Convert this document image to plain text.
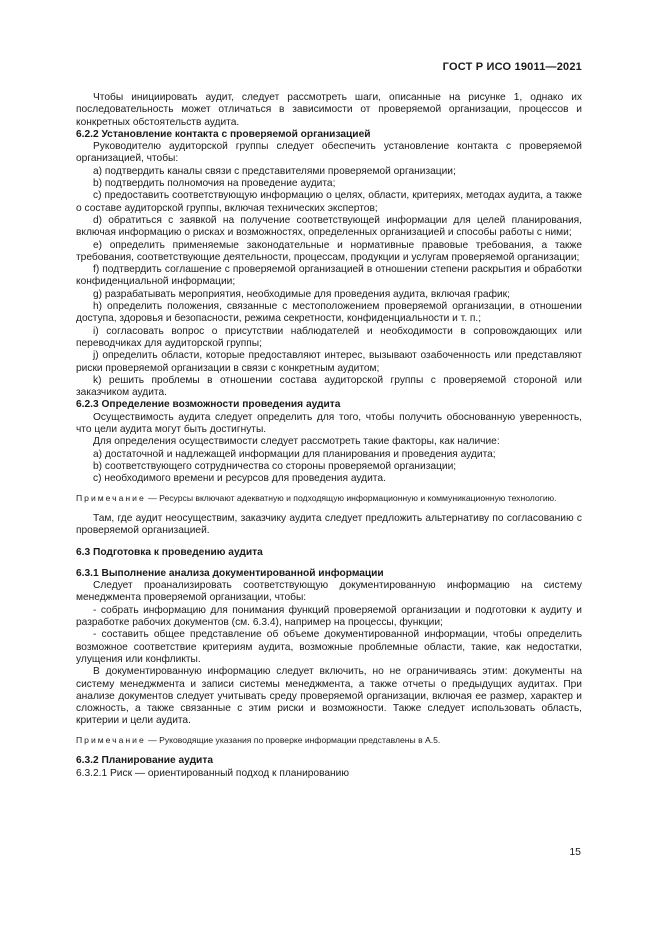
ГОСТ Р ИСО 19011—2021

Чтобы инициировать аудит, следует рассмотреть шаги, описанные на рисунке 1, однако их последовательность может отличаться в зависимости от проверяемой организации, процессов и конкретных обстоятельств аудита.

6.2.2 Установление контакта с проверяемой организацией

Руководителю аудиторской группы следует обеспечить установление контакта с проверяемой организацией, чтобы:

a) подтвердить каналы связи с представителями проверяемой организации;

b) подтвердить полномочия на проведение аудита;

c) предоставить соответствующую информацию о целях, области, критериях, методах аудита, а также о составе аудиторской группы, включая технических экспертов;

d) обратиться с заявкой на получение соответствующей информации для целей планирования, включая информацию о рисках и возможностях, определенных организацией и способы работы с ними;

e) определить применяемые законодательные и нормативные правовые требования, а также требования, соответствующие деятельности, процессам, продукции и услугам проверяемой организации;

f) подтвердить соглашение с проверяемой организацией в отношении степени раскрытия и обработки конфиденциальной информации;

g) разрабатывать мероприятия, необходимые для проведения аудита, включая график;

h) определить положения, связанные с местоположением проверяемой организации, в отношении доступа, здоровья и безопасности, режима секретности, конфиденциальности и т. п.;

i) согласовать вопрос о присутствии наблюдателей и необходимости в сопровождающих или переводчиках для аудиторской группы;

j) определить области, которые предоставляют интерес, вызывают озабоченность или представляют риски проверяемой организации в связи с конкретным аудитом;

k) решить проблемы в отношении состава аудиторской группы с проверяемой стороной или заказчиком аудита.

6.2.3 Определение возможности проведения аудита

Осуществимость аудита следует определить для того, чтобы получить обоснованную уверенность, что цели аудита могут быть достигнуты.

Для определения осуществимости следует рассмотреть такие факторы, как наличие:

a) достаточной и надлежащей информации для планирования и проведения аудита;

b) соответствующего сотрудничества со стороны проверяемой организации;

c) необходимого времени и ресурсов для проведения аудита.

Примечание — Ресурсы включают адекватную и подходящую информационную и коммуникационную технологию.

Там, где аудит неосуществим, заказчику аудита следует предложить альтернативу по согласованию с проверяемой организацией.

6.3 Подготовка к проведению аудита

6.3.1 Выполнение анализа документированной информации

Следует проанализировать соответствующую документированную информацию на систему менеджмента проверяемой организации, чтобы:

- собрать информацию для понимания функций проверяемой организации и подготовки к аудиту и разработке рабочих документов (см. 6.3.4), например на процессы, функции;

- составить общее представление об объеме документированной информации, чтобы определить возможное соответствие критериям аудита, возможные проблемные области, такие, как недостатки, улущения или конфликты.

В документированную информацию следует включить, но не ограничиваясь этим: документы на систему менеджмента и записи системы менеджмента, а также отчеты о предыдущих аудитах. При анализе документов следует учитывать среду проверяемой организации, включая ее размер, характер и сложность, а также связанные с этим риски и возможности. Также следует использовать область, критерии и цели аудита.

Примечание — Руководящие указания по проверке информации представлены в А.5.

6.3.2 Планирование аудита

6.3.2.1 Риск — ориентированный подход к планированию

15
